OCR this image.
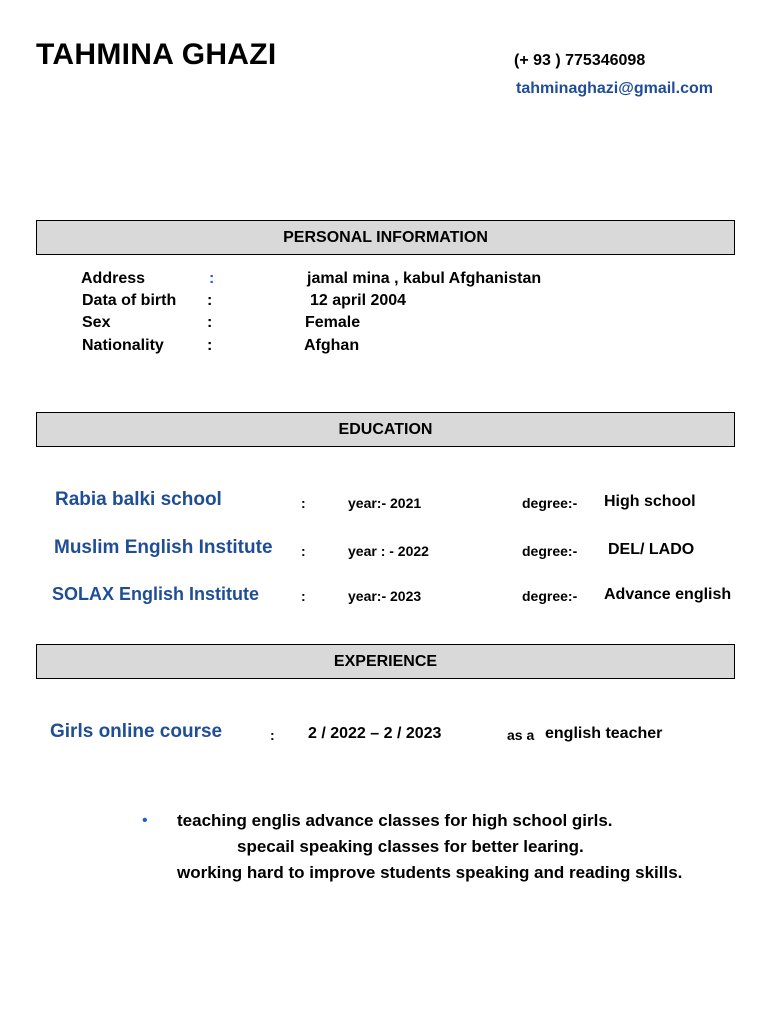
TAHMINA GHAZI	(+ 93 ) 775346098
tahminaghazi@gmail.com
PERSONAL INFORMATION
Address	:	jamal mina , kabul Afghanistan
Data of birth :	12 april 2004
Sex	:	Female
Nationality	:	Afghan
EDUCATION
Rabia balki school	:	year:- 2021	degree:- High school
Muslim English Institute :	year : - 2022	degree:- DEL/ LADO
SOLAX English Institute	:	year:- 2023	degree:- Advance english
EXPERIENCE
Girls online course	: 2 / 2022 – 2 / 2023	as a english teacher
• teaching englis advance classes for high school girls.
specail speaking classes for better learing.
working hard to improve students speaking and reading skills.
